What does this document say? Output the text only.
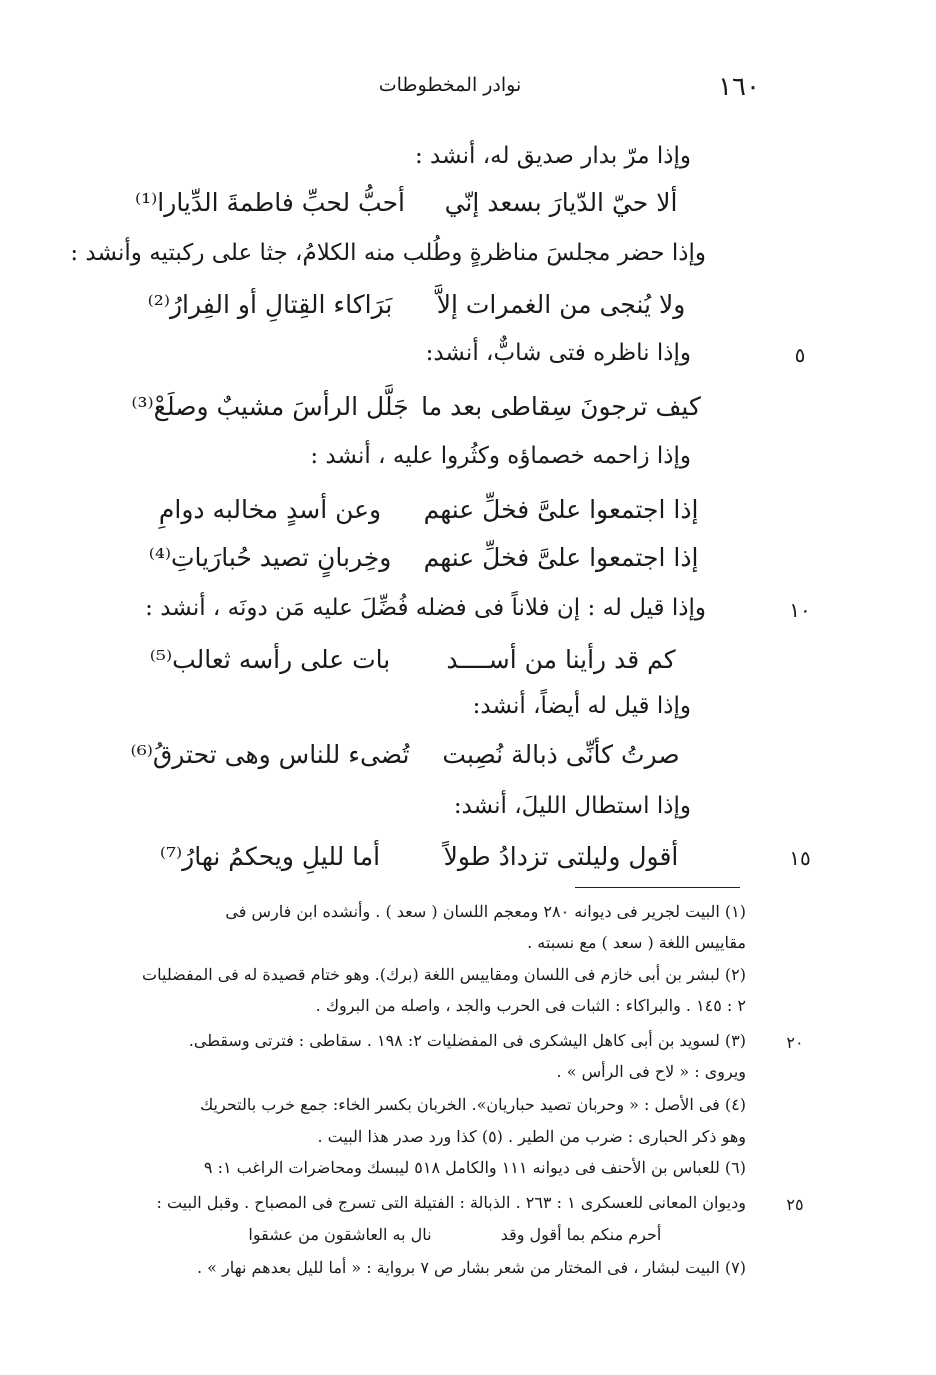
١٦٠
نوادر المخطوطات
وإذا مرّ بدار صديق له، أنشد :
ألا حيّ الدّيارَ بسعد إنّي
أحبُّ لحبِّ فاطمةَ الدِّيارا⁽¹⁾
وإذا حضر مجلسَ مناظرةٍ وطُلب منه الكلامُ، جثا على ركبتيه وأنشد :
ولا يُنجى من الغمرات إلاَّ
بَرَاكاء القِتالِ أو الفِرارُ⁽²⁾
وإذا ناظره فتى شابٌّ، أنشد:	٥
كيف ترجونَ سِقاطى بعد ما
جَلَّل الرأسَ مشيبٌ وصلَعْ⁽³⁾
وإذا زاحمه خصماؤه وكثُروا عليه ، أنشد :
إذا اجتمعوا علىَّ فخلِّ عنهم
وعن أسدٍ مخالبه دوامِ
إذا اجتمعوا علىَّ فخلِّ عنهم
وخِربانٍ تصيد حُبارَياتِ⁽⁴⁾
وإذا قيل له : إن فلاناً فى فضله فُضِّلَ عليه مَن دونَه ، أنشد :	١٠
كم قد رأينا من أســــد
بات على رأسه ثعالب⁽⁵⁾
وإذا قيل له أيضاً، أنشد:
صرتُ كأنِّى ذبالة نُصِبت
تُضىء للناس وهى تحترقُ⁽⁶⁾
وإذا استطال الليلَ، أنشد:
أقول وليلتى تزدادُ طولاً
أما لليلِ ويحكمُ نهارُ⁽⁷⁾	١٥
(١) البيت لجرير فى ديوانه ٢٨٠ ومعجم اللسان ( سعد ) . وأنشده ابن فارس فى
مقاييس اللغة ( سعد ) مع نسبته .
(٢) لبشر بن أبى خازم فى اللسان ومقاييس اللغة (برك). وهو ختام قصيدة له فى المفضليات
٢ : ١٤٥ . والبراكاء : الثبات فى الحرب والجد ، واصله من البروك .
(٣) لسويد بن أبى كاهل اليشكرى فى المفضليات ٢: ١٩٨ . سقاطى : فترتى وسقطى.	٢٠
ويروى : « لاح فى الرأس » .
(٤) فى الأصل : « وحربان تصيد حباريان». الخربان بكسر الخاء: جمع خرب بالتحريك
وهو ذكر الحبارى : ضرب من الطير . (٥) كذا ورد صدر هذا البيت .
(٦) للعباس بن الأحنف فى ديوانه ١١١ والكامل ٥١٨ ليبسك ومحاضرات الراغب ١: ٩
وديوان المعانى للعسكرى ١ : ٢٦٣ . الذبالة : الفتيلة التى تسرج فى المصباح . وقبل البيت :	٢٥
أحرم منكم بما أقول وقد
نال به العاشقون من عشقوا
(٧) البيت لبشار ، فى المختار من شعر بشار ص ٧ برواية : « أما لليل بعدهم نهار » .
